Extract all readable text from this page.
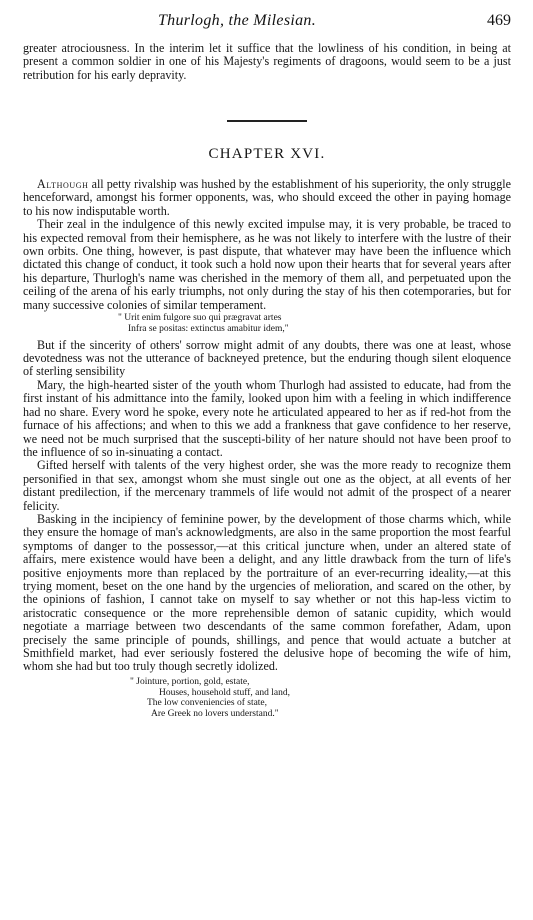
Thurlogh, the Milesian.	469

greater atrociousness. In the interim let it suffice that the lowliness of his condition, in being at present a common soldier in one of his Majesty's regiments of dragoons, would seem to be a just retribution for his early depravity.

CHAPTER XVI.

Although all petty rivalship was hushed by the establishment of his superiority, the only struggle henceforward, amongst his former opponents, was, who should exceed the other in paying homage to his now indisputable worth.

Their zeal in the indulgence of this newly excited impulse may, it is very probable, be traced to his expected removal from their hemisphere, as he was not likely to interfere with the lustre of their own orbits. One thing, however, is past dispute, that whatever may have been the influence which dictated this change of conduct, it took such a hold now upon their hearts that for several years after his departure, Thurlogh's name was cherished in the memory of them all, and perpetuated upon the ceiling of the arena of his early triumphs, not only during the stay of his then cotemporaries, but for many successive colonies of similar temperament.

" Urit enim fulgore suo qui prægravat artes
Infra se positas: extinctus amabitur idem,"

But if the sincerity of others' sorrow might admit of any doubts, there was one at least, whose devotedness was not the utterance of backneyed pretence, but the enduring though silent eloquence of sterling sensibility

Mary, the high-hearted sister of the youth whom Thurlogh had assisted to educate, had from the first instant of his admittance into the family, looked upon him with a feeling in which indifference had no share. Every word he spoke, every note he articulated appeared to her as if red-hot from the furnace of his affections; and when to this we add a frankness that gave confidence to her reserve, we need not be much surprised that the suscepti-bility of her nature should not have been proof to the influence of so in-sinuating a contact.

Gifted herself with talents of the very highest order, she was the more ready to recognize them personified in that sex, amongst whom she must single out one as the object, at all events of her distant predilection, if the mercenary trammels of life would not admit of the prospect of a nearer felicity.

Basking in the incipiency of feminine power, by the development of those charms which, while they ensure the homage of man's acknowledgments, are also in the same proportion the most fearful symptoms of danger to the possessor,—at this critical juncture when, under an altered state of affairs, mere existence would have been a delight, and any little drawback from the turn of life's positive enjoyments more than replaced by the portraiture of an ever-recurring ideality,—at this trying moment, beset on the one hand by the urgencies of melioration, and scared on the other, by the opinions of fashion, I cannot take on myself to say whether or not this hap-less victim to aristocratic consequence or the more reprehensible demon of satanic cupidity, which would negotiate a marriage between two descendants of the same common forefather, Adam, upon precisely the same principle of pounds, shillings, and pence that would actuate a butcher at Smithfield market, had ever seriously fostered the delusive hope of becoming the wife of him, whom she had but too truly though secretly idolized.

" Jointure, portion, gold, estate,
Houses, household stuff, and land,
The low conveniencies of state,
Are Greek no lovers understand."
